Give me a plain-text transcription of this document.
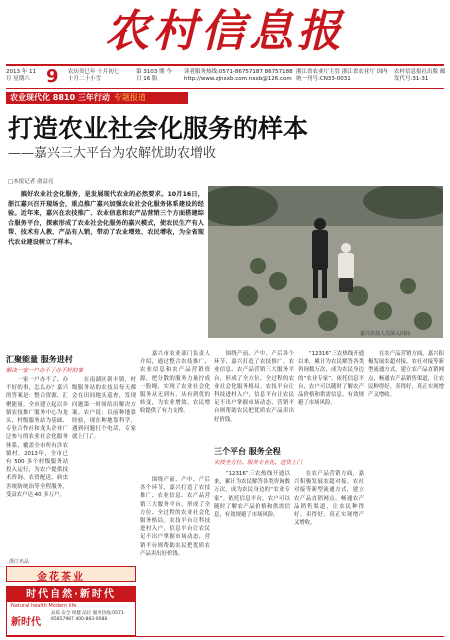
农村信息报
2013 年 11 月 星期六 9	农历癸巳年 十月初七 十月二十小雪
第 3103 期 今日 16 版
读者服务热线:0571-86757187 86757188 http://www.zjnxxb.com nxxb@126.com
浙江省农业厅主管 浙江省农业厅 国内统一刊号:CN33-0031
农村信息报社出版 邮发代号:31-31
农业现代化 8810 三年行动 专题报道
打造农业社会化服务的样本
——嘉兴三大平台为农解忧助农增收
□本报记者 俞益亮
　　搞好农业社会化服务，是发展现代农业的必然要求。10月16日，浙江嘉兴召开现场会，重点推广嘉兴加强农业社会化服务体系建设的经验。近年来，嘉兴在农技推广、农业信息和农产品营销三个方面搭建综合服务平台，探索形成了农业社会化服务的嘉兴模式，使农民生产有人帮、技术有人教、产品有人销，带动了农业增效、农民增收，为全省现代农业建设树立了样本。
嘉兴农技人员深入田间
汇聚能量 服务进村
解决一家一户办不了办不好的事
　　一家一户办不了、办不好的事，怎么办？嘉兴的答案是：整合资源、汇聚能量。全市建立起以乡镇农技推广服务中心为龙头、村级服务站为基础、专业合作社和龙头企业广泛参与的农业社会化服务体系，覆盖全市所有涉农镇村。2013年，全市已有 500 多个村级服务站投入运行，为农户提供技术咨询、农资配送、病虫害统防统治等全程服务，受益农户达 40 多万户。
　　在南湖区新丰镇，村级服务站的农技员每天都会在田间地头巡查，发现问题第一时间给出解决方案。农户说：以前种地靠经验，现在种地靠科学，遇到问题打个电话，专家就上门了。
　　嘉兴市农业部门负责人介绍，通过整合农技推广、农业信息和农产品营销资源，把分散的服务力量拧成一股绳，实现了农业社会化服务从无到有、从有到优的转变，为农业增效、农民增收提供了有力支撑。
　　围绕产前、产中、产后各个环节，嘉兴打造了农技推广、农业信息、农产品营销三大服务平台，形成了全方位、全过程的农业社会化服务格局。农技平台让科技进村入户，信息平台让农民足不出户掌握市场动态，营销平台则帮助农民把优质农产品卖出好价钱。
　　“12316”三农热线开通以来，累计为农民解答各类咨询数万次，成为农民身边的“农业专家”。依托信息平台，农户可以随时了解农产品价格和供需信息，有效规避了市场风险。
三个平台 服务全程
农技全方位、服务专业化、送货上门
　　围绕产前、产中、产后各个环节，嘉兴打造了农技推广、农业信息、农产品营销三大服务平台，形成了全方位、全过程的农业社会化服务格局。农技平台让科技进村入户，信息平台让农民足不出户掌握市场动态，营销平台则帮助农民把优质农产品卖出好价钱。
　　“12316”三农热线开通以来，累计为农民解答各类咨询数万次，成为农民身边的“农业专家”。依托信息平台，农户可以随时了解农产品价格和供需信息，有效规避了市场风险。
　　在农产品营销方面，嘉兴积极发展农超对接、农社对接等新型流通方式，建立农产品直销网点，畅通农产品销售渠道，让农民种得好、卖得好，真正实现增产又增收。
　　在农产品营销方面，嘉兴积极发展农超对接、农社对接等新型流通方式，建立农产品直销网点，畅通农产品销售渠道，让农民种得好、卖得好，真正实现增产又增收。
浙江名品
金花茶业
时代自然·新时代
Natural health Modern life
新时代
品质 安全 保健 品位 服务热线:0571-85857987 400-883-0088
